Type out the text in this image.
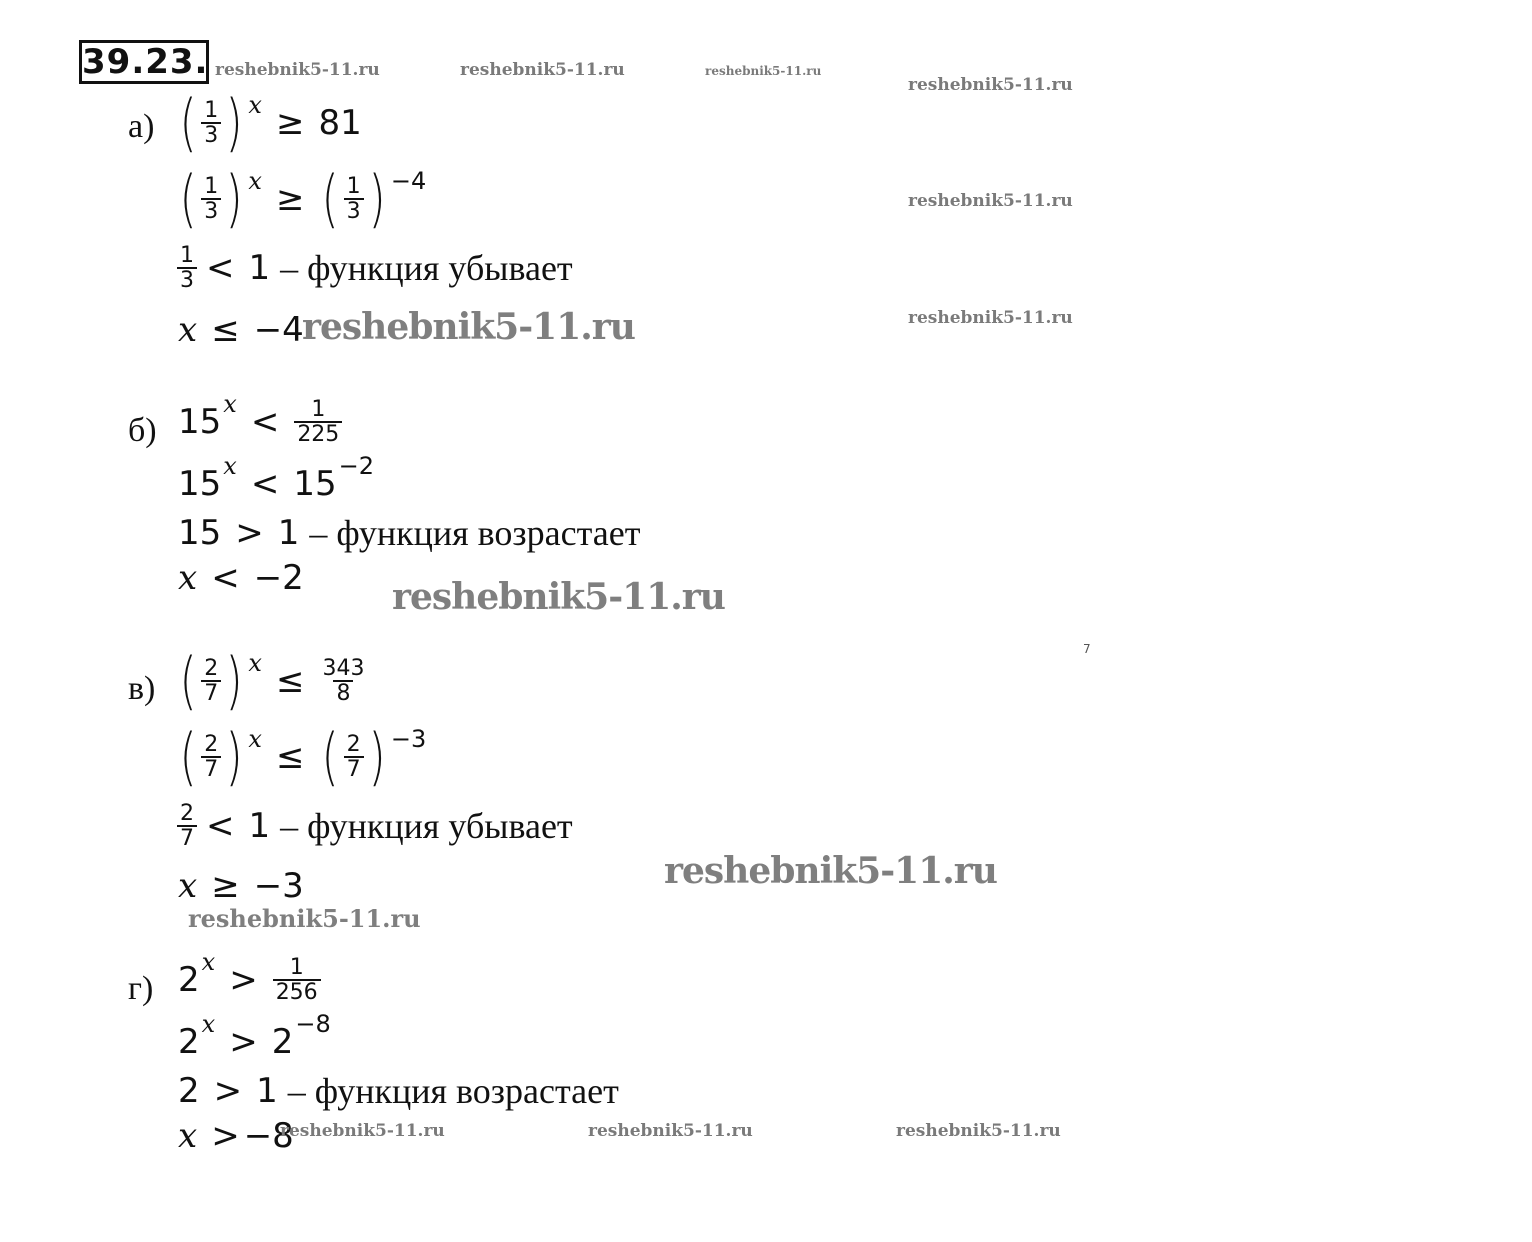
39.23.
а) ( $\frac{1}{3} )^x \ge 81$
( $\frac{1}{3} )^x$ ≥ ( $\frac{1}{3} )^{-4}$
$\frac{1}{3} < 1$ – функция убывает
x ≤ −4
б) $15^x < \frac{1}{225}$
$15^x < 15^{-2}$
15 > 1 – функция возрастает
x < −2
в) ( $\frac{2}{7} )^x \le \frac{343}{8}$
( $\frac{2}{7} )^x$ ≤ ( $\frac{2}{7} )^{-3}$
$\frac{2}{7} < 1$ – функция убывает
x ≥ −3
г) $2^x > \frac{1}{256}$
$2^x > 2^{-8}$
2 > 1 – функция возрастает
x > −8
reshebnik5-11.ru	reshebnik5-11.ru	reshebnik5-11.ru
reshebnik5-11.ru
reshebnik5-11.ru
reshebnik5-11.ru
reshebnik5-11.ru
reshebnik5-11.ru
reshebnik5-11.ru
reshebnik5-11.ru
reshebnik5-11.ru	reshebnik5-11.ru	reshebnik5-11.ru
7
